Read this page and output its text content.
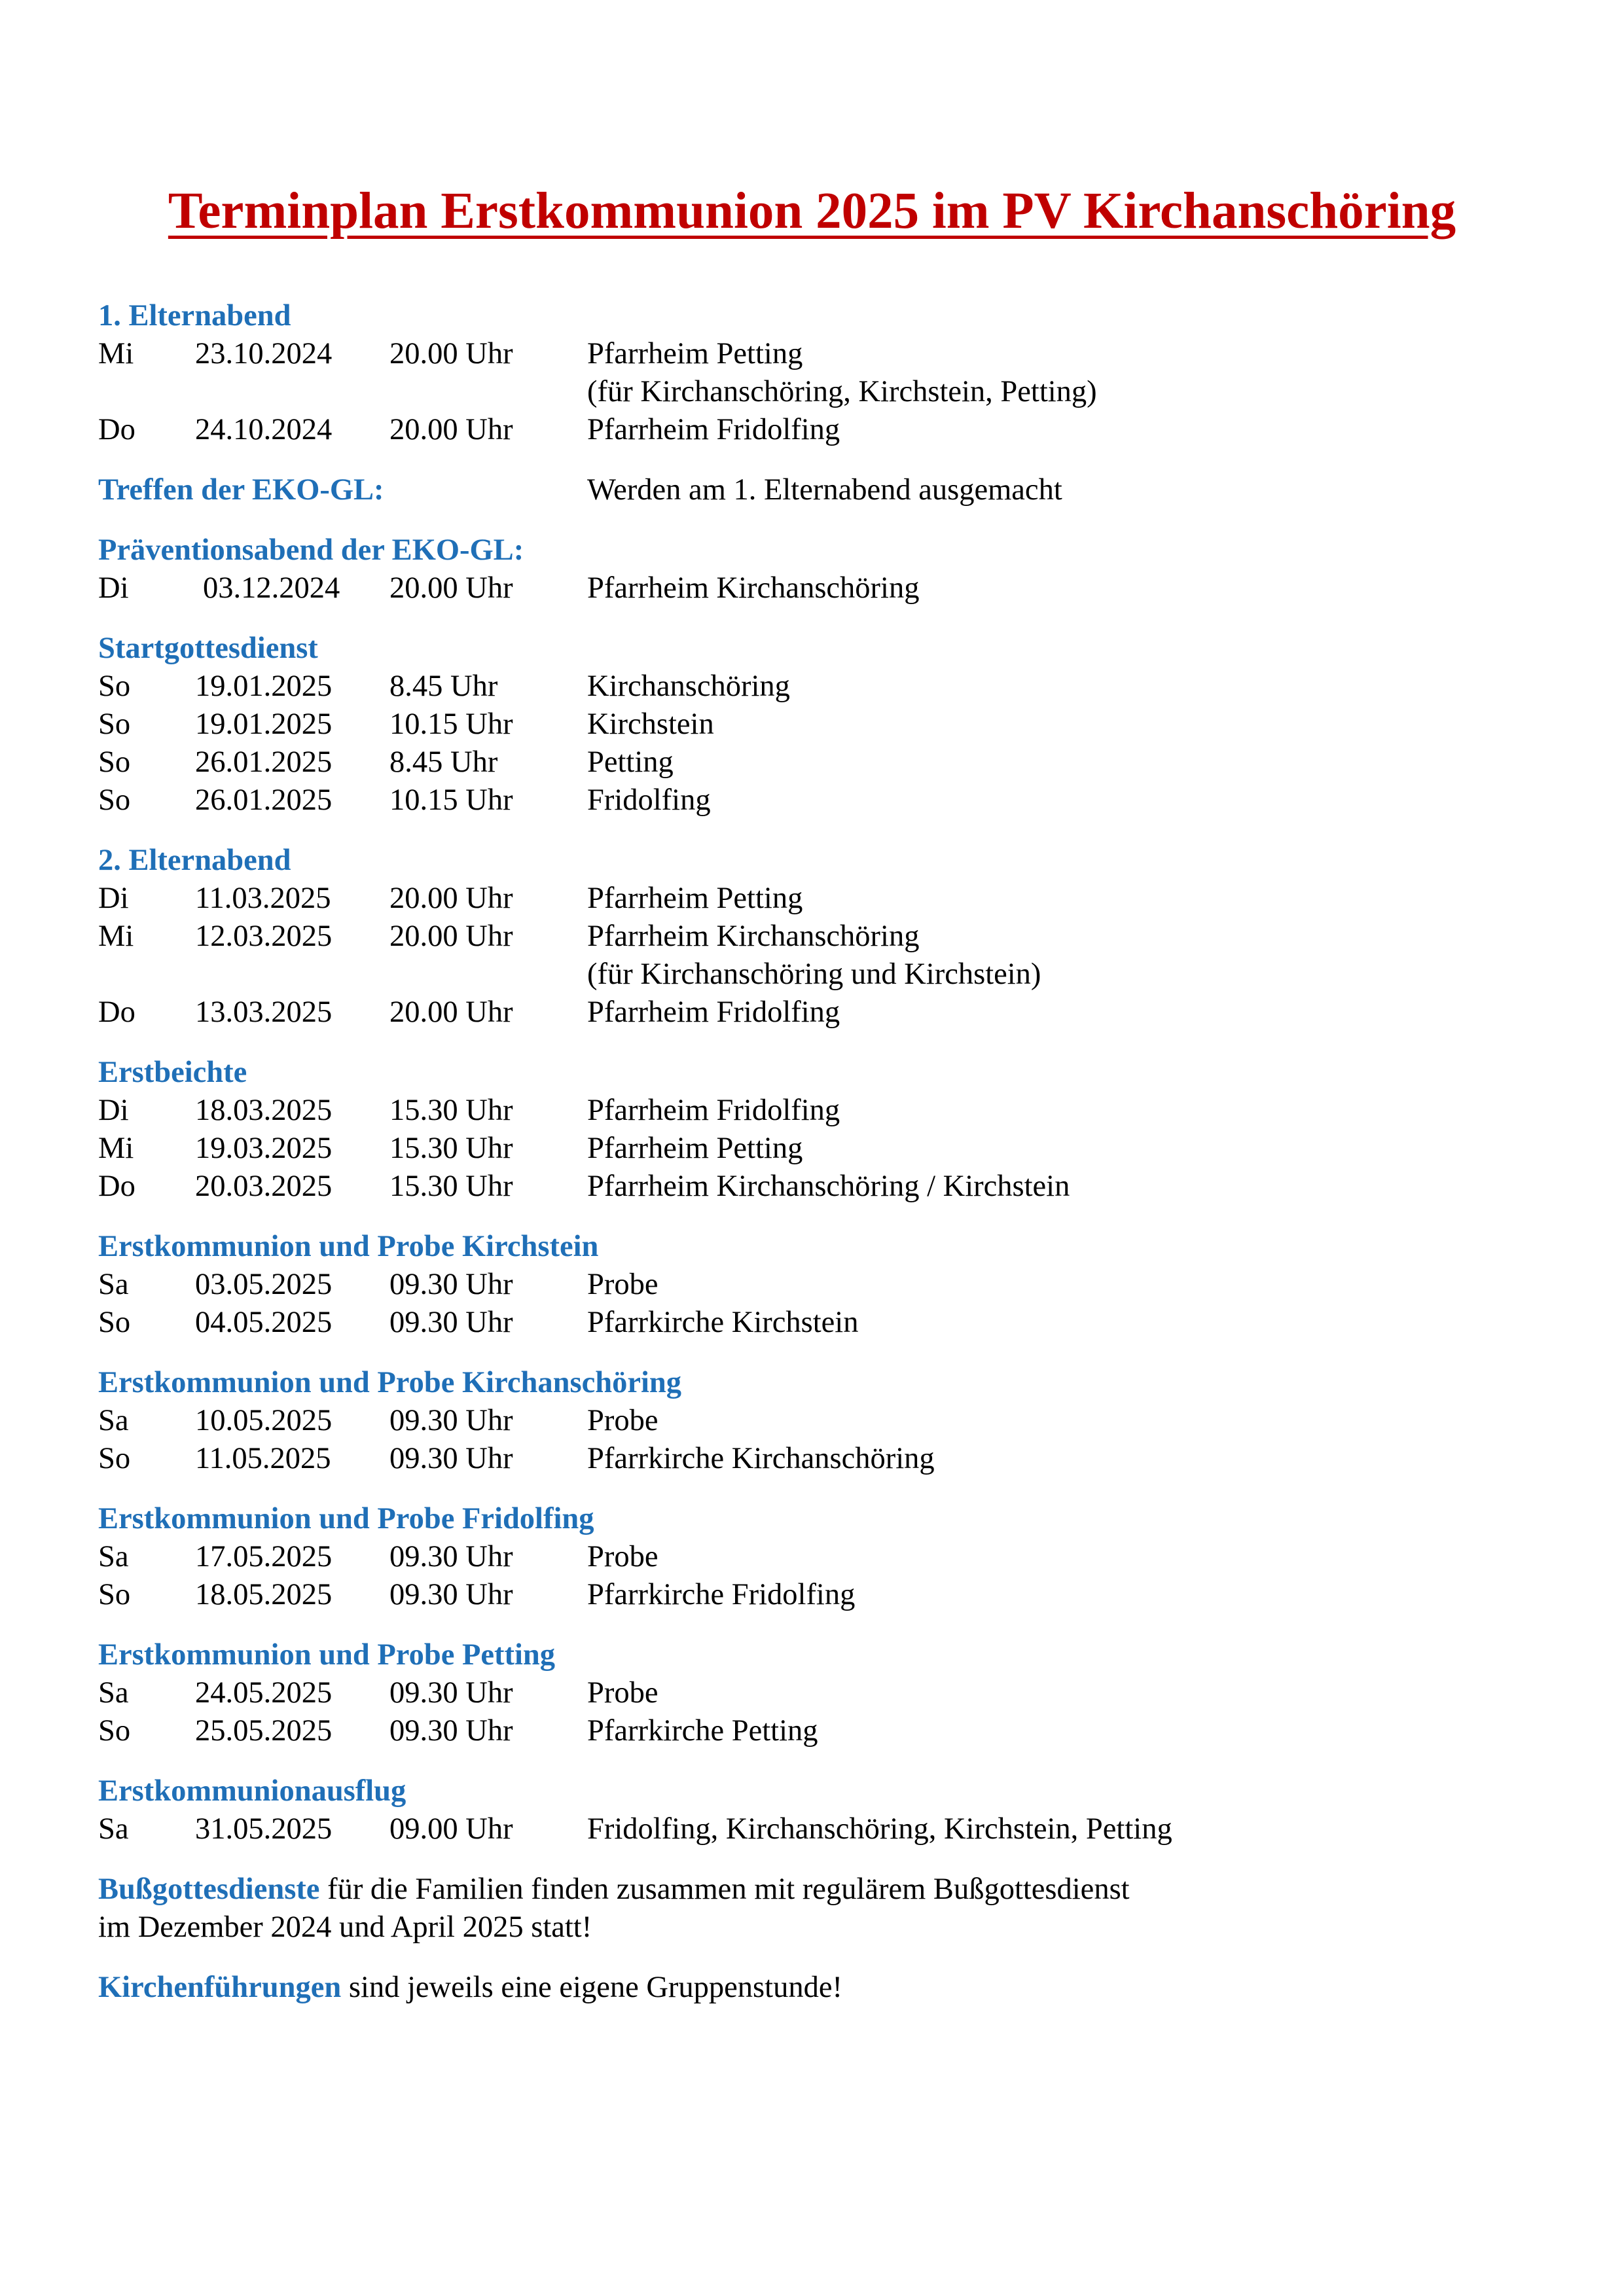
Terminplan Erstkommunion 2025 im PV Kirchanschöring
1. Elternabend
Mi	23.10.2024	20.00 Uhr	Pfarrheim Petting
(für Kirchanschöring, Kirchstein, Petting)
Do	24.10.2024	20.00 Uhr	Pfarrheim Fridolfing
Treffen der EKO-GL:	Werden am 1. Elternabend ausgemacht
Präventionsabend der EKO-GL:
Di	03.12.2024	20.00 Uhr	Pfarrheim Kirchanschöring
Startgottesdienst
So	19.01.2025	8.45 Uhr	Kirchanschöring
So	19.01.2025	10.15 Uhr	Kirchstein
So	26.01.2025	8.45 Uhr	Petting
So	26.01.2025	10.15 Uhr	Fridolfing
2. Elternabend
Di	11.03.2025	20.00 Uhr	Pfarrheim Petting
Mi	12.03.2025	20.00 Uhr	Pfarrheim Kirchanschöring
(für Kirchanschöring und Kirchstein)
Do	13.03.2025	20.00 Uhr	Pfarrheim Fridolfing
Erstbeichte
Di	18.03.2025	15.30 Uhr	Pfarrheim Fridolfing
Mi	19.03.2025	15.30 Uhr	Pfarrheim Petting
Do	20.03.2025	15.30 Uhr	Pfarrheim Kirchanschöring / Kirchstein
Erstkommunion und Probe Kirchstein
Sa	03.05.2025	09.30 Uhr	Probe
So	04.05.2025	09.30 Uhr	Pfarrkirche Kirchstein
Erstkommunion und Probe Kirchanschöring
Sa	10.05.2025	09.30 Uhr	Probe
So	11.05.2025	09.30 Uhr	Pfarrkirche Kirchanschöring
Erstkommunion und Probe Fridolfing
Sa	17.05.2025	09.30 Uhr	Probe
So	18.05.2025	09.30 Uhr	Pfarrkirche Fridolfing
Erstkommunion und Probe Petting
Sa	24.05.2025	09.30 Uhr	Probe
So	25.05.2025	09.30 Uhr	Pfarrkirche Petting
Erstkommunionausflug
Sa	31.05.2025	09.00 Uhr	Fridolfing, Kirchanschöring, Kirchstein, Petting
Bußgottesdienste für die Familien finden zusammen mit regulärem Bußgottesdienst
im Dezember 2024 und April 2025 statt!
Kirchenführungen sind jeweils eine eigene Gruppenstunde!
